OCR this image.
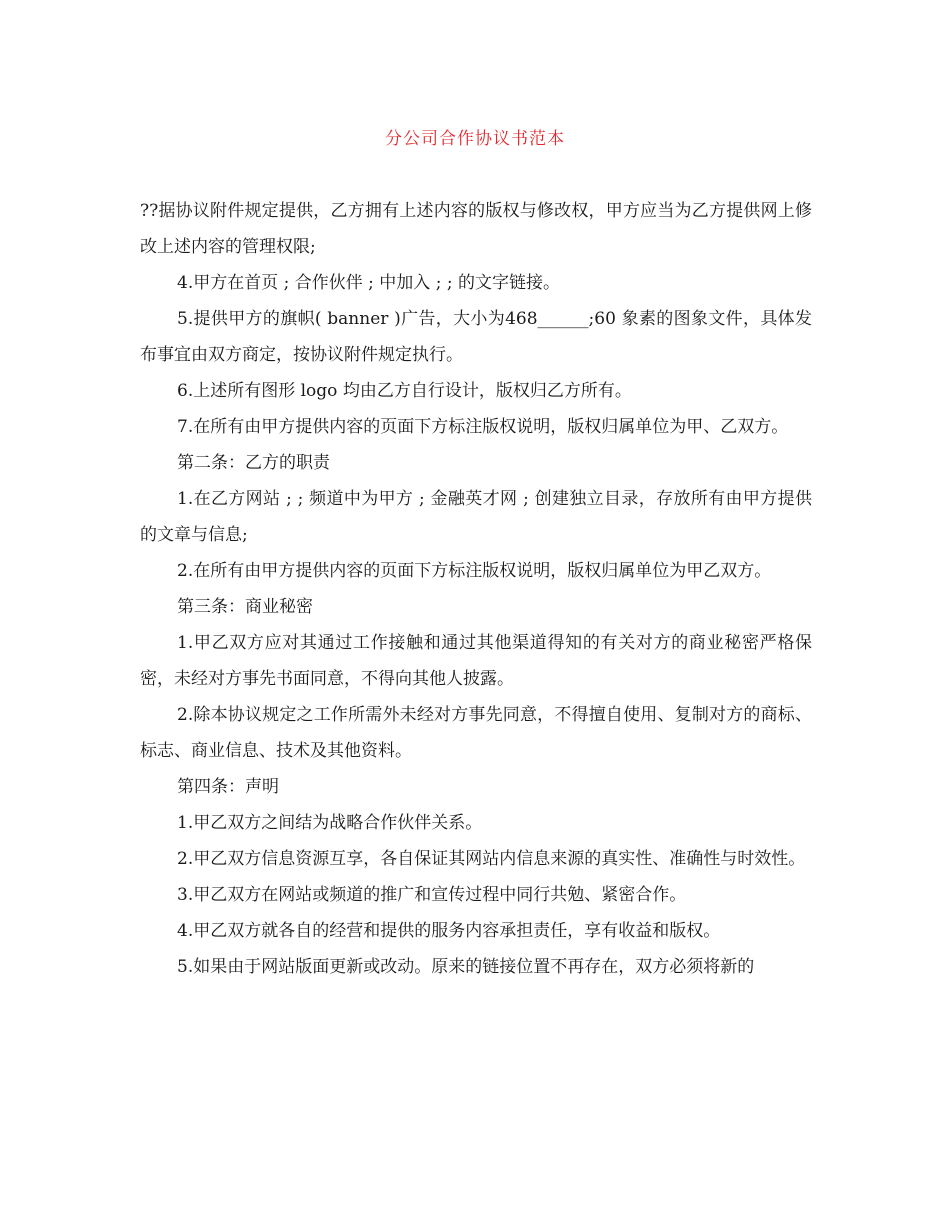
分公司合作协议书范本

??据协议附件规定提供，乙方拥有上述内容的版权与修改权，甲方应当为乙方提供网上修改上述内容的管理权限;

4.甲方在首页 ; 合作伙伴 ; 中加入 ; ; 的文字链接。

5.提供甲方的旗帜( banner )广告，大小为468______;60 象素的图象文件，具体发布事宜由双方商定，按协议附件规定执行。

6.上述所有图形 logo 均由乙方自行设计，版权归乙方所有。

7.在所有由甲方提供内容的页面下方标注版权说明，版权归属单位为甲、乙双方。

第二条：乙方的职责

1.在乙方网站 ; ; 频道中为甲方 ; 金融英才网 ; 创建独立目录，存放所有由甲方提供的文章与信息;

2.在所有由甲方提供内容的页面下方标注版权说明，版权归属单位为甲乙双方。

第三条：商业秘密

1.甲乙双方应对其通过工作接触和通过其他渠道得知的有关对方的商业秘密严格保密，未经对方事先书面同意，不得向其他人披露。

2.除本协议规定之工作所需外未经对方事先同意，不得擅自使用、复制对方的商标、标志、商业信息、技术及其他资料。

第四条：声明

1.甲乙双方之间结为战略合作伙伴关系。

2.甲乙双方信息资源互享，各自保证其网站内信息来源的真实性、准确性与时效性。

3.甲乙双方在网站或频道的推广和宣传过程中同行共勉、紧密合作。

4.甲乙双方就各自的经营和提供的服务内容承担责任，享有收益和版权。

5.如果由于网站版面更新或改动。原来的链接位置不再存在，双方必须将新的
